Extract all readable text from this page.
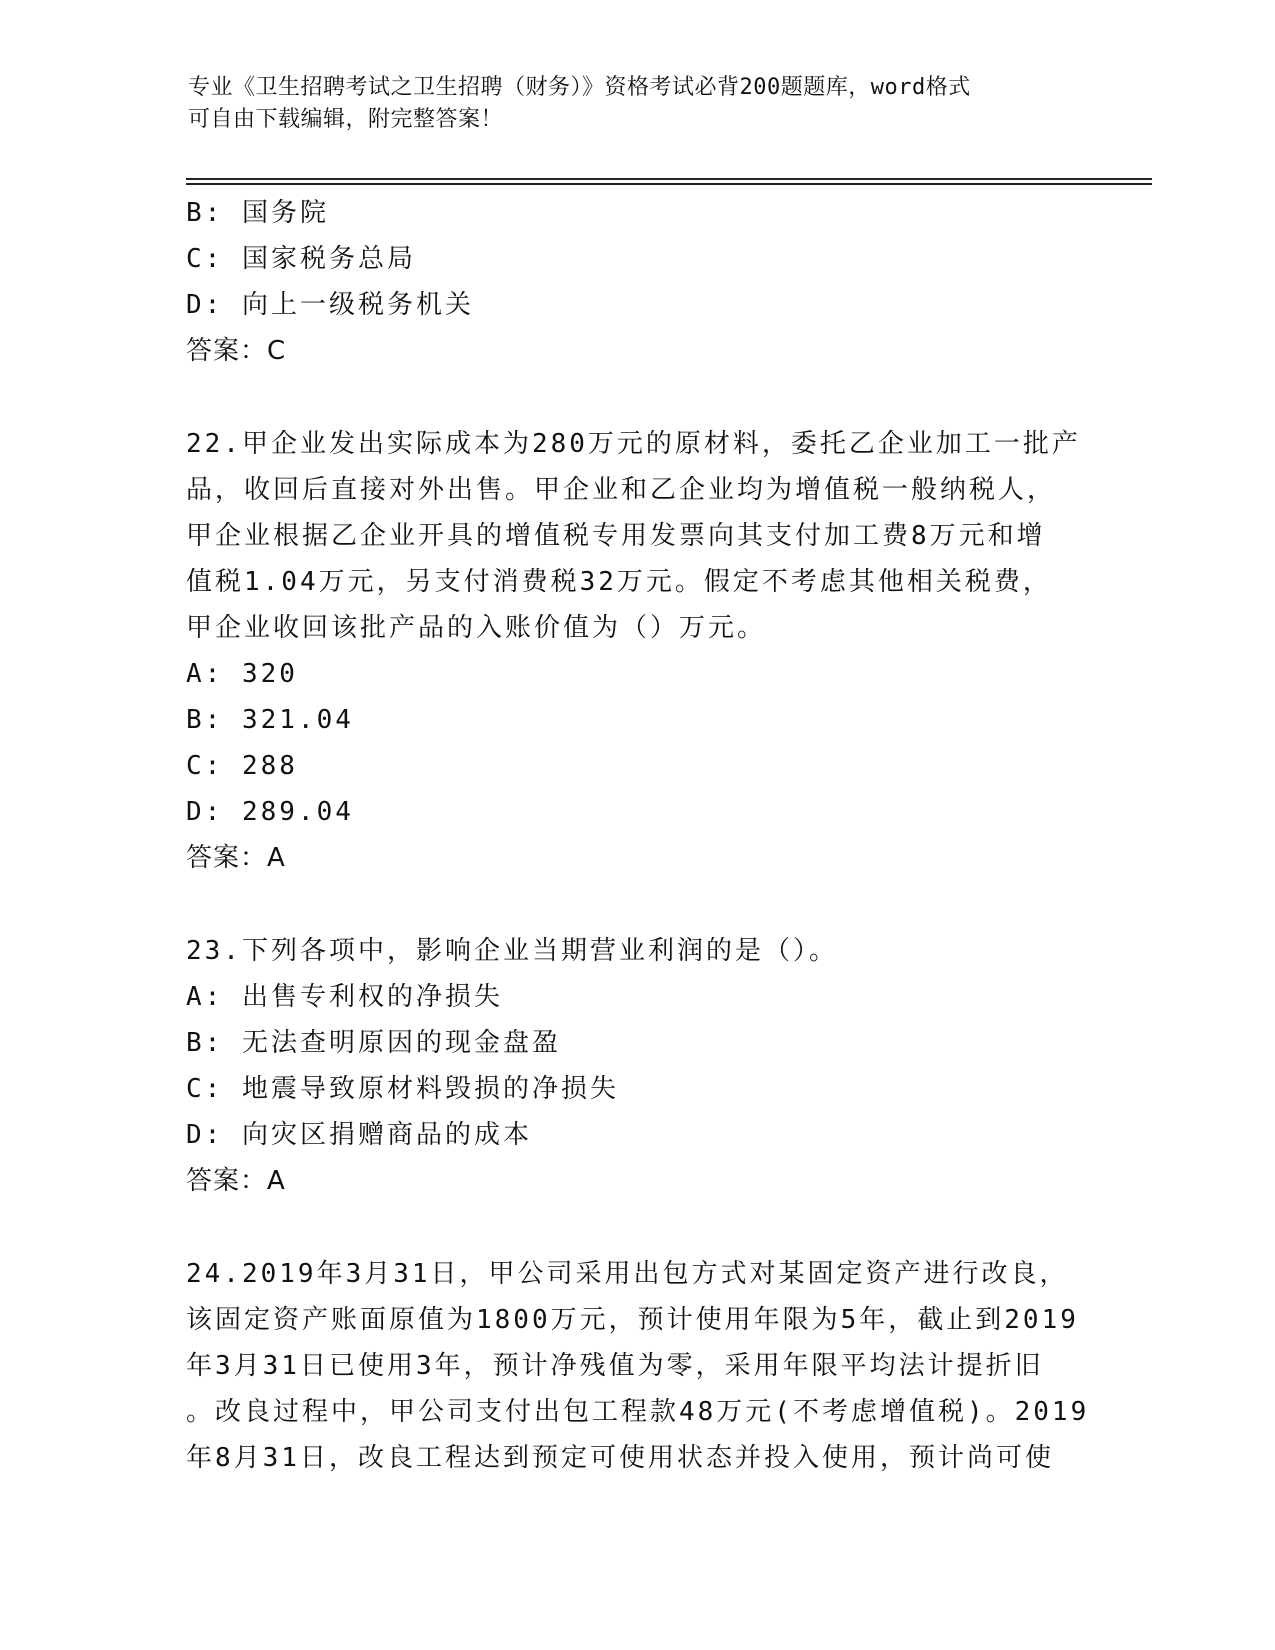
专业《卫生招聘考试之卫生招聘（财务）》资格考试必背200题题库，word格式
可自由下载编辑，附完整答案！
B: 国务院
C: 国家税务总局
D: 向上一级税务机关
答案：C
22.甲企业发出实际成本为280万元的原材料，委托乙企业加工一批产
品，收回后直接对外出售。甲企业和乙企业均为增值税一般纳税人，
甲企业根据乙企业开具的增值税专用发票向其支付加工费8万元和增
值税1.04万元，另支付消费税32万元。假定不考虑其他相关税费，
甲企业收回该批产品的入账价值为（）万元。
A: 320
B: 321.04
C: 288
D: 289.04
答案：A
23.下列各项中，影响企业当期营业利润的是（）。
A: 出售专利权的净损失
B: 无法查明原因的现金盘盈
C: 地震导致原材料毁损的净损失
D: 向灾区捐赠商品的成本
答案：A
24.2019年3月31日，甲公司采用出包方式对某固定资产进行改良，
该固定资产账面原值为1800万元，预计使用年限为5年，截止到2019
年3月31日已使用3年，预计净残值为零，采用年限平均法计提折旧
。改良过程中，甲公司支付出包工程款48万元(不考虑增值税)。2019
年8月31日，改良工程达到预定可使用状态并投入使用，预计尚可使
